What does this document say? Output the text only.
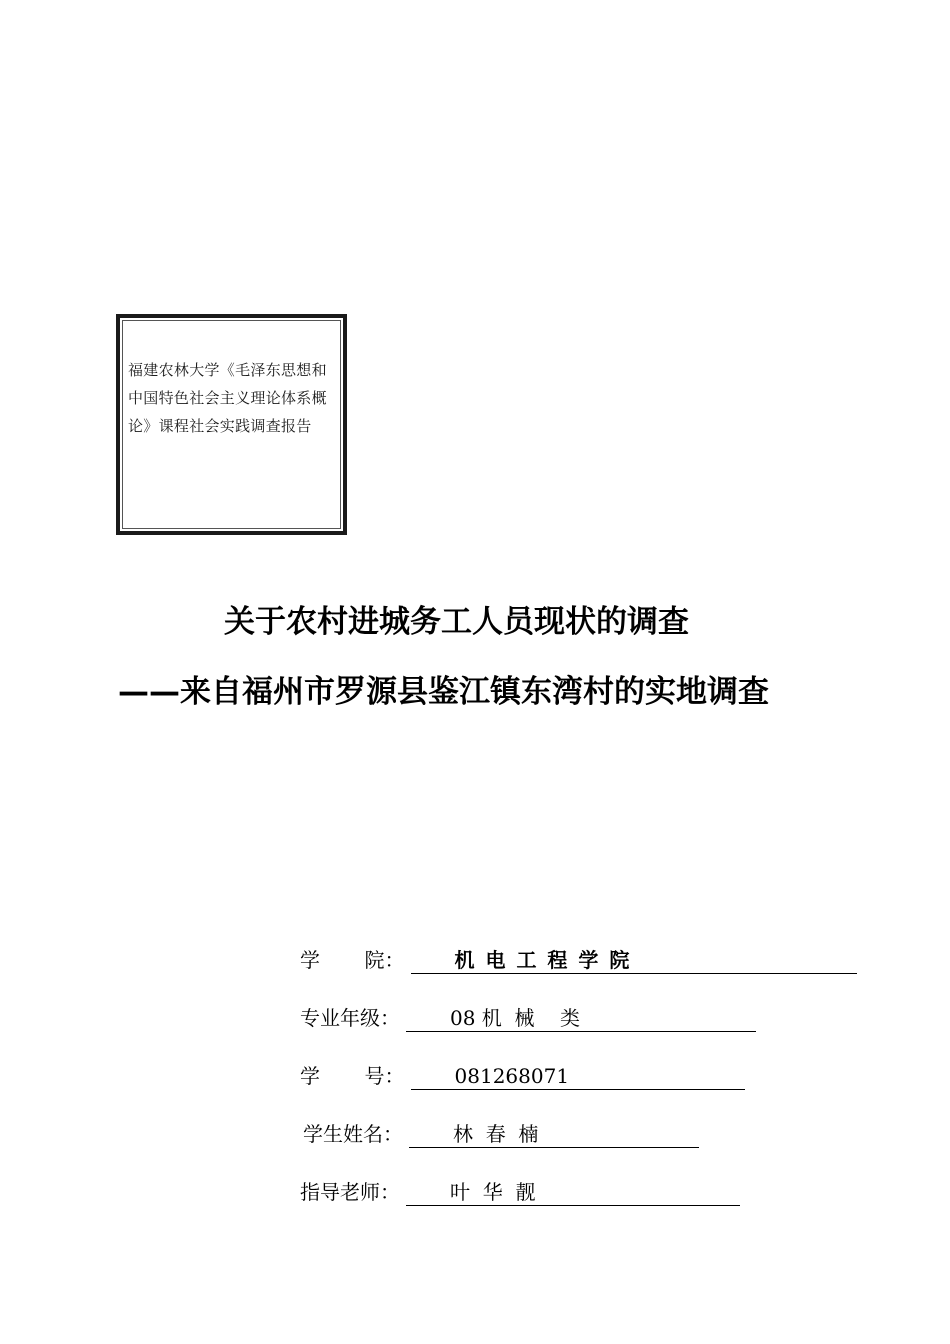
福建农林大学《毛泽东思想和中国特色社会主义理论体系概论》课程社会实践调查报告
关于农村进城务工人员现状的调查
——来自福州市罗源县鉴江镇东湾村的实地调查
学       院：	机 电 工 程 学 院
专业年级：	08 机  械    类
学       号：	081268071
学生姓名：	林  春  楠
指导老师：	叶  华  靓
